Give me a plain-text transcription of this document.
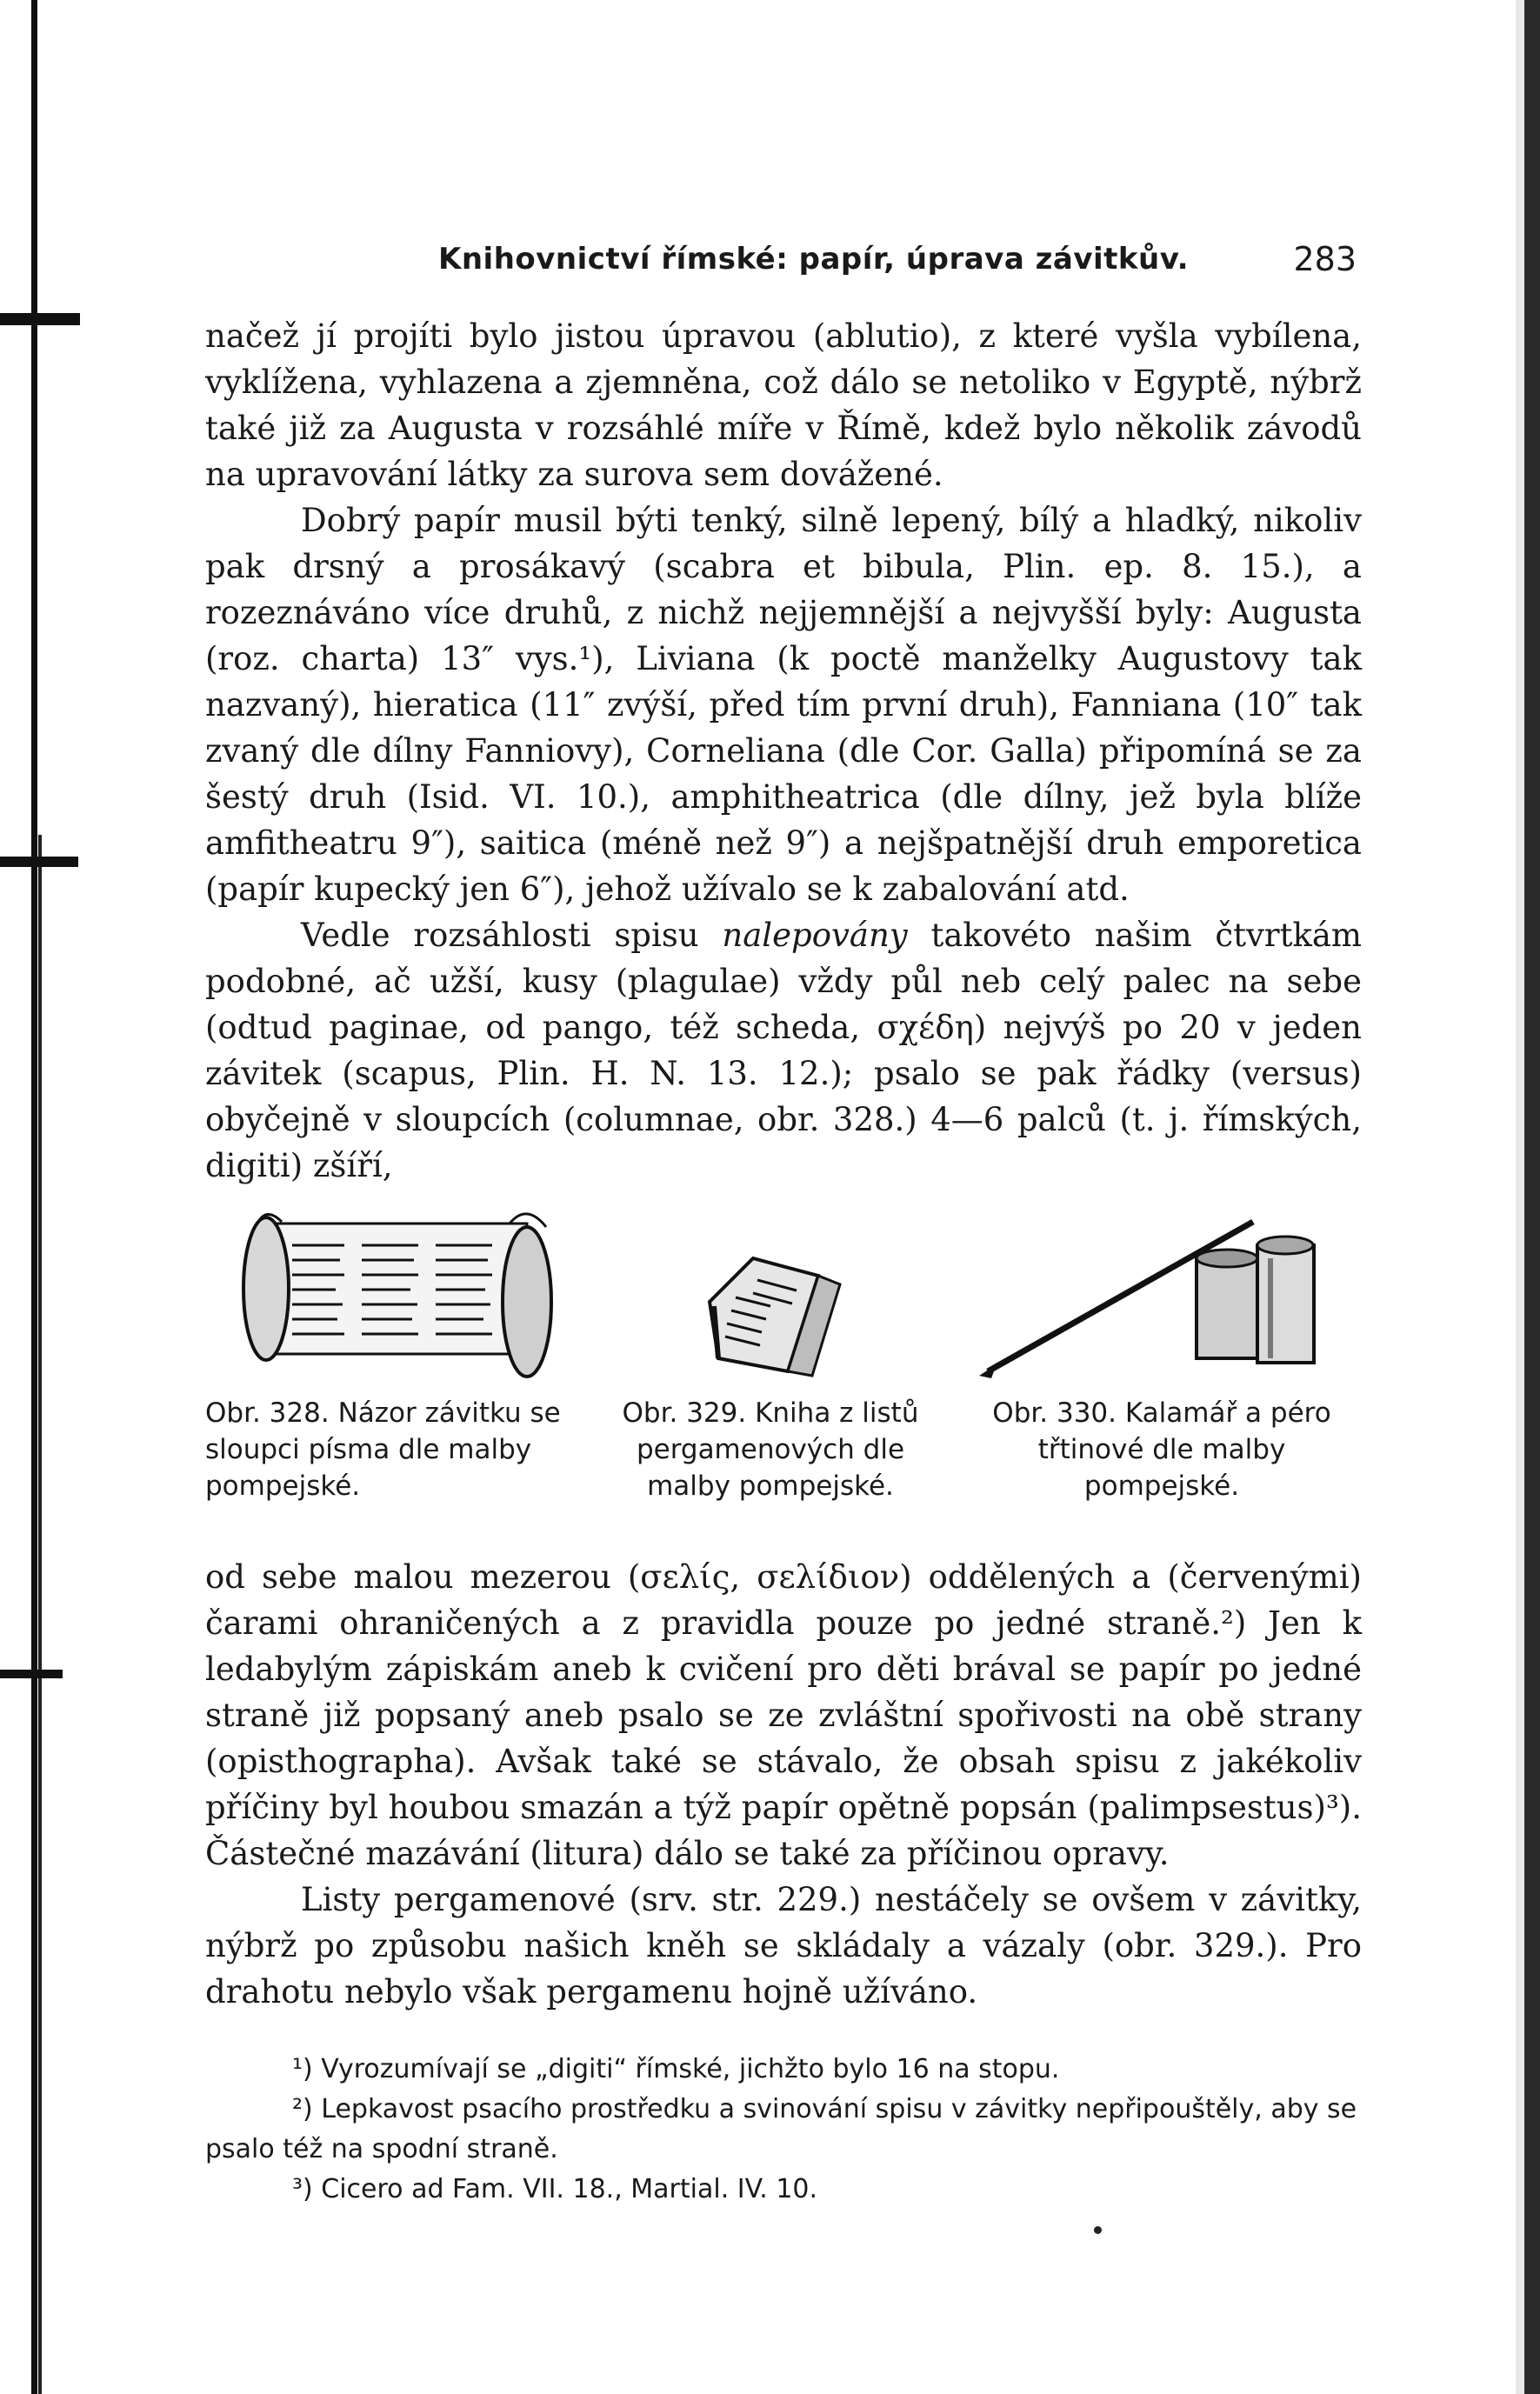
Knihovnictví římské: papír, úprava závitkův.	283

načež jí projíti bylo jistou úpravou (ablutio), z které vyšla vybílena, vyklížena, vyhlazena a zjemněna, což dálo se netoliko v Egyptě, nýbrž také již za Augusta v rozsáhlé míře v Římě, kdež bylo několik závodů na upravování látky za surova sem dovážené.

Dobrý papír musil býti tenký, silně lepený, bílý a hladký, nikoliv pak drsný a prosákavý (scabra et bibula, Plin. ep. 8. 15.), a rozeznáváno více druhů, z nichž nejjemnější a nejvyšší byly: Augusta (roz. charta) 13″ vys.¹), Liviana (k poctě manželky Augustovy tak nazvaný), hieratica (11″ zvýší, před tím první druh), Fanniana (10″ tak zvaný dle dílny Fanniovy), Corneliana (dle Cor. Galla) připomíná se za šestý druh (Isid. VI. 10.), amphitheatrica (dle dílny, jež byla blíže amfitheatru 9″), saitica (méně než 9″) a nejšpatnější druh emporetica (papír kupecký jen 6″), jehož užívalo se k zabalování atd.

Vedle rozsáhlosti spisu nalepovány takovéto našim čtvrtkám podobné, ač užší, kusy (plagulae) vždy půl neb celý palec na sebe (odtud paginae, od pango, též scheda, σχέδη) nejvýš po 20 v jeden závitek (scapus, Plin. H. N. 13. 12.); psalo se pak řádky (versus) obyčejně v sloupcích (columnae, obr. 328.) 4—6 palců (t. j. římských, digiti) zšíří,

Obr. 328. Názor závitku se sloupci písma dle malby pompejské.
Obr. 329. Kniha z listů pergamenových dle malby pompejské.
Obr. 330. Kalamář a péro třtinové dle malby pompejské.

od sebe malou mezerou (σελίς, σελίδιον) oddělených a (červenými) čarami ohraničených a z pravidla pouze po jedné straně.²) Jen k ledabylým zápiskám aneb k cvičení pro děti brával se papír po jedné straně již popsaný aneb psalo se ze zvláštní spořivosti na obě strany (opisthographa). Avšak také se stávalo, že obsah spisu z jakékoliv příčiny byl houbou smazán a týž papír opětně popsán (palimpsestus)³). Částečné mazávání (litura) dálo se také za příčinou opravy.

Listy pergamenové (srv. str. 229.) nestáčely se ovšem v závitky, nýbrž po způsobu našich kněh se skládaly a vázaly (obr. 329.). Pro drahotu nebylo však pergamenu hojně užíváno.

¹) Vyrozumívají se „digiti“ římské, jichžto bylo 16 na stopu.

²) Lepkavost psacího prostředku a svinování spisu v závitky nepřipouštěly, aby se psalo též na spodní straně.

³) Cicero ad Fam. VII. 18., Martial. IV. 10.
